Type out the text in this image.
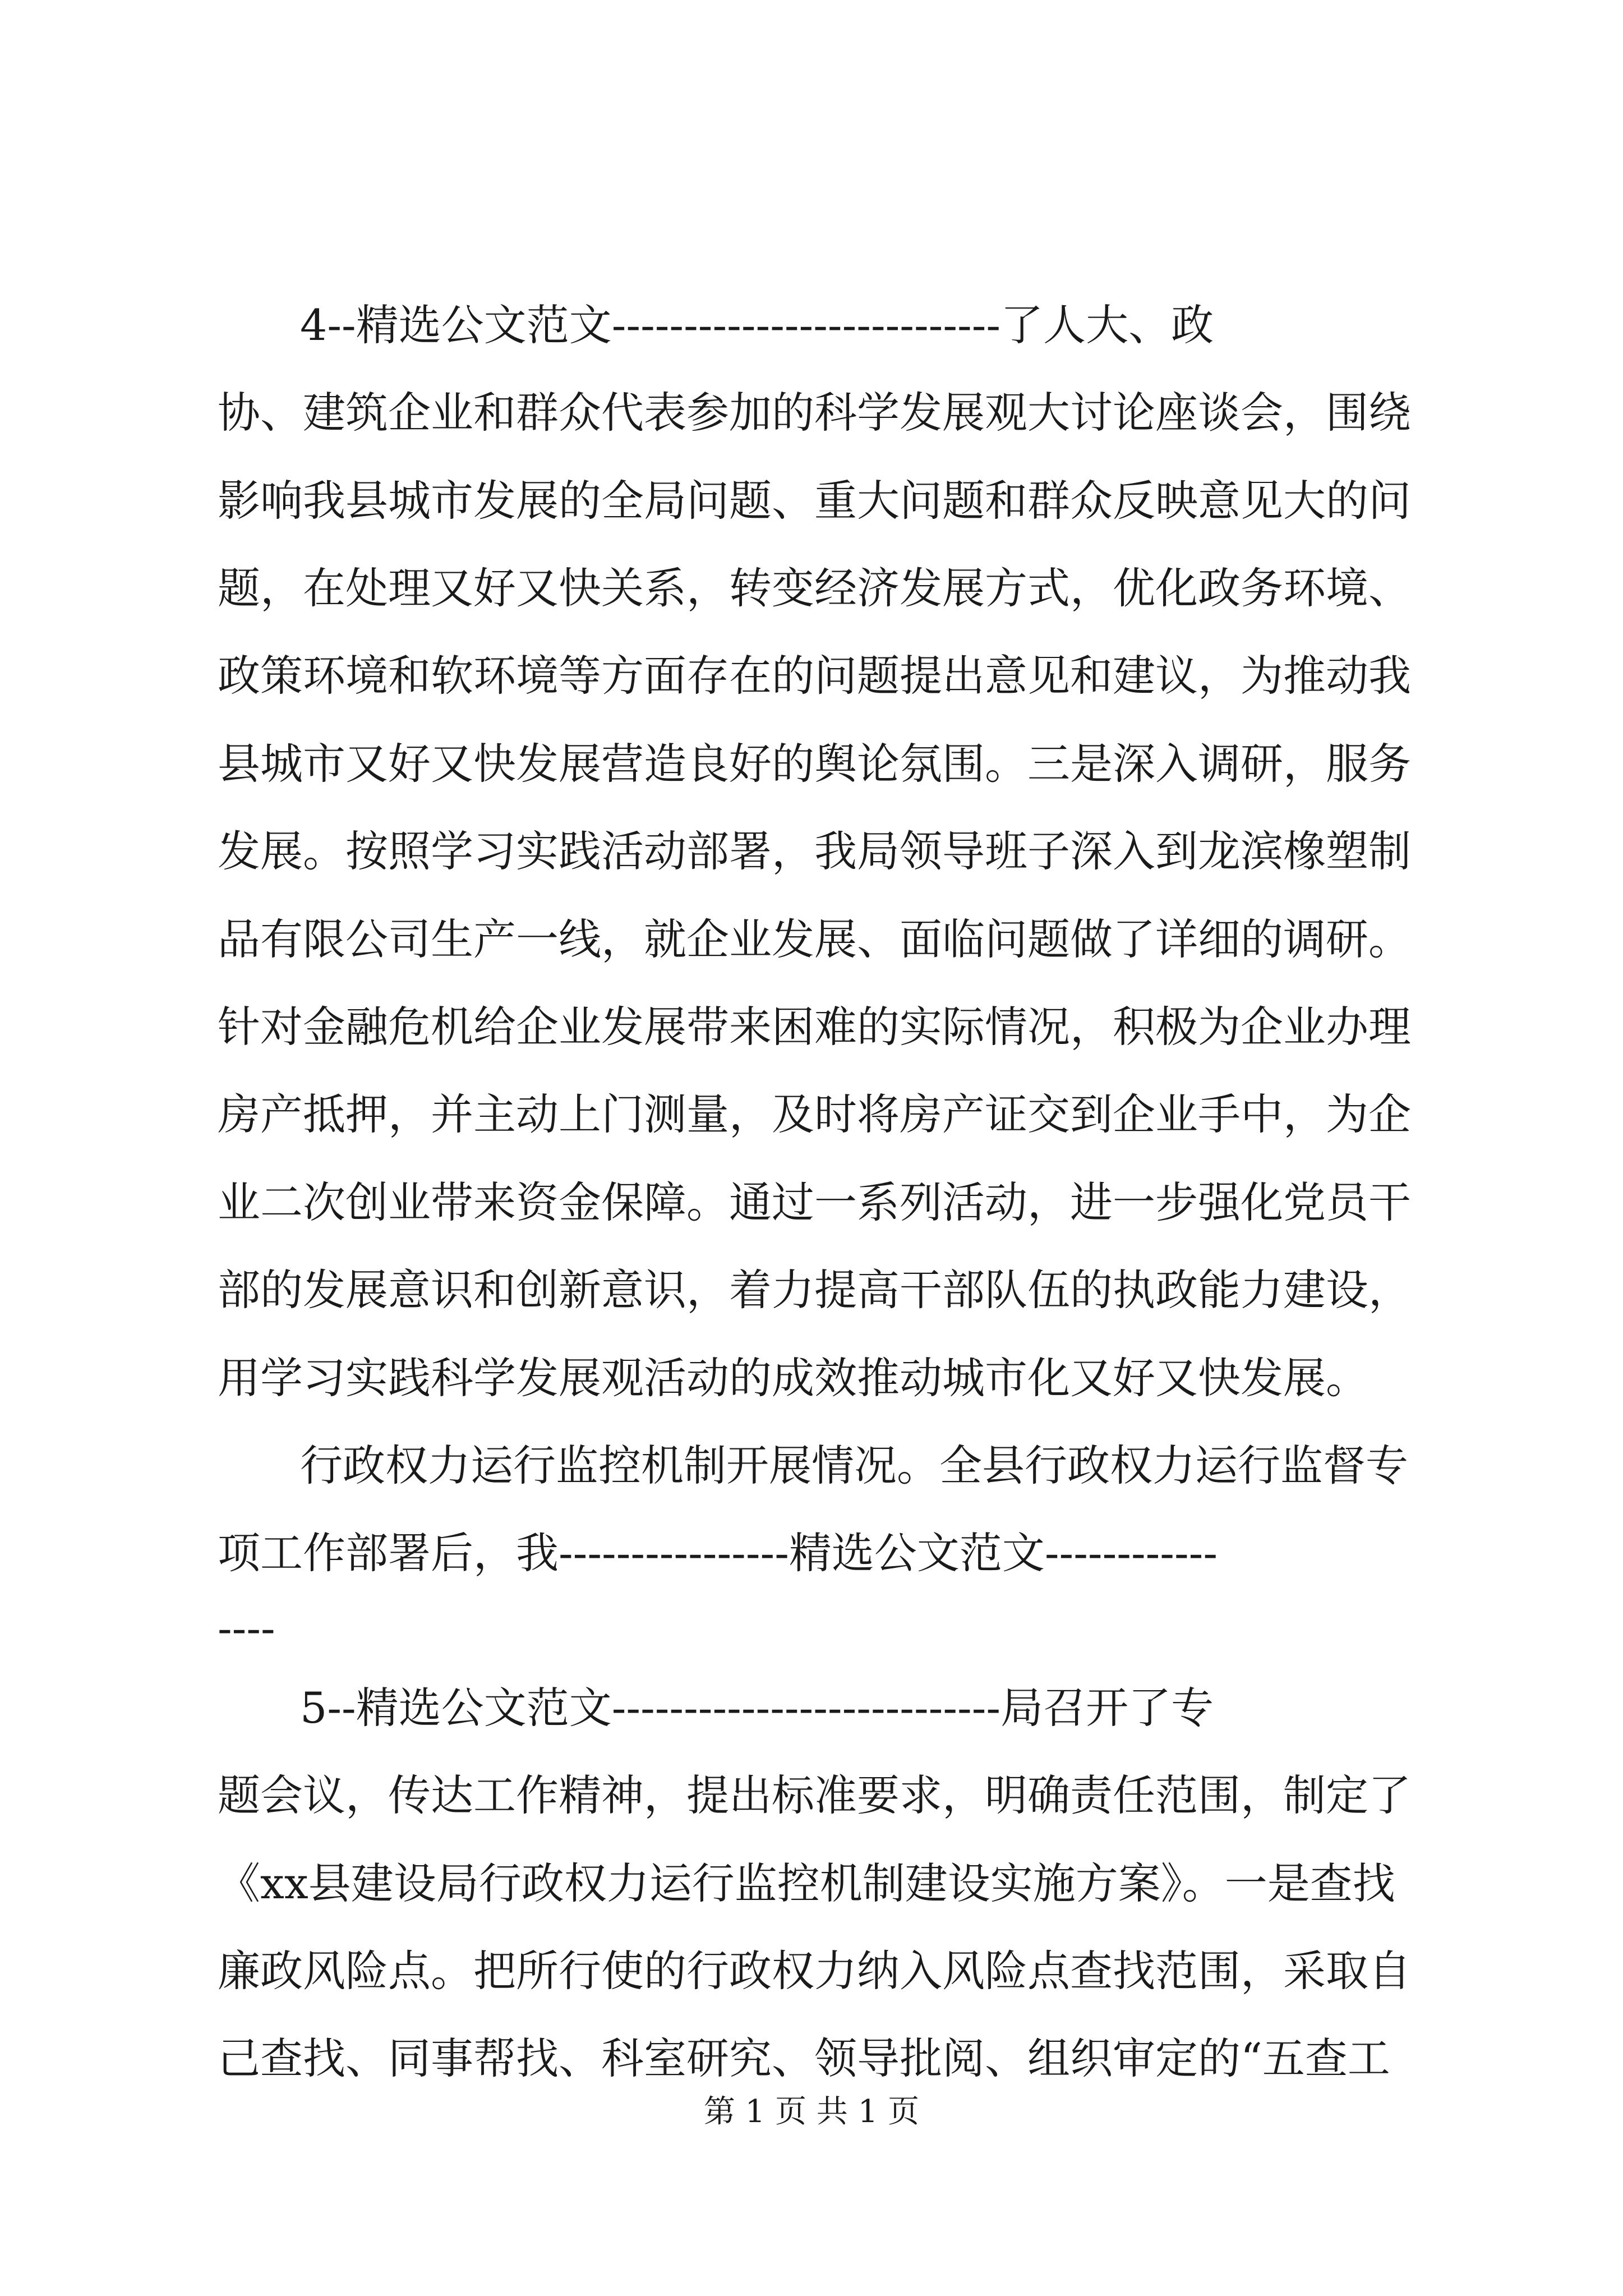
4--精选公文范文---------------------------了人大、政
协、建筑企业和群众代表参加的科学发展观大讨论座谈会，围绕
影响我县城市发展的全局问题、重大问题和群众反映意见大的问
题，在处理又好又快关系，转变经济发展方式，优化政务环境、
政策环境和软环境等方面存在的问题提出意见和建议，为推动我
县城市又好又快发展营造良好的舆论氛围。三是深入调研，服务
发展。按照学习实践活动部署，我局领导班子深入到龙滨橡塑制
品有限公司生产一线，就企业发展、面临问题做了详细的调研。
针对金融危机给企业发展带来困难的实际情况，积极为企业办理
房产抵押，并主动上门测量，及时将房产证交到企业手中，为企
业二次创业带来资金保障。通过一系列活动，进一步强化党员干
部的发展意识和创新意识，着力提高干部队伍的执政能力建设，
用学习实践科学发展观活动的成效推动城市化又好又快发展。
行政权力运行监控机制开展情况。全县行政权力运行监督专
项工作部署后，我----------------精选公文范文------------
----
5--精选公文范文---------------------------局召开了专
题会议，传达工作精神，提出标准要求，明确责任范围，制定了
《xx县建设局行政权力运行监控机制建设实施方案》。一是查找
廉政风险点。把所行使的行政权力纳入风险点查找范围，采取自
己查找、同事帮找、科室研究、领导批阅、组织审定的“五查工
第 1 页 共 1 页
